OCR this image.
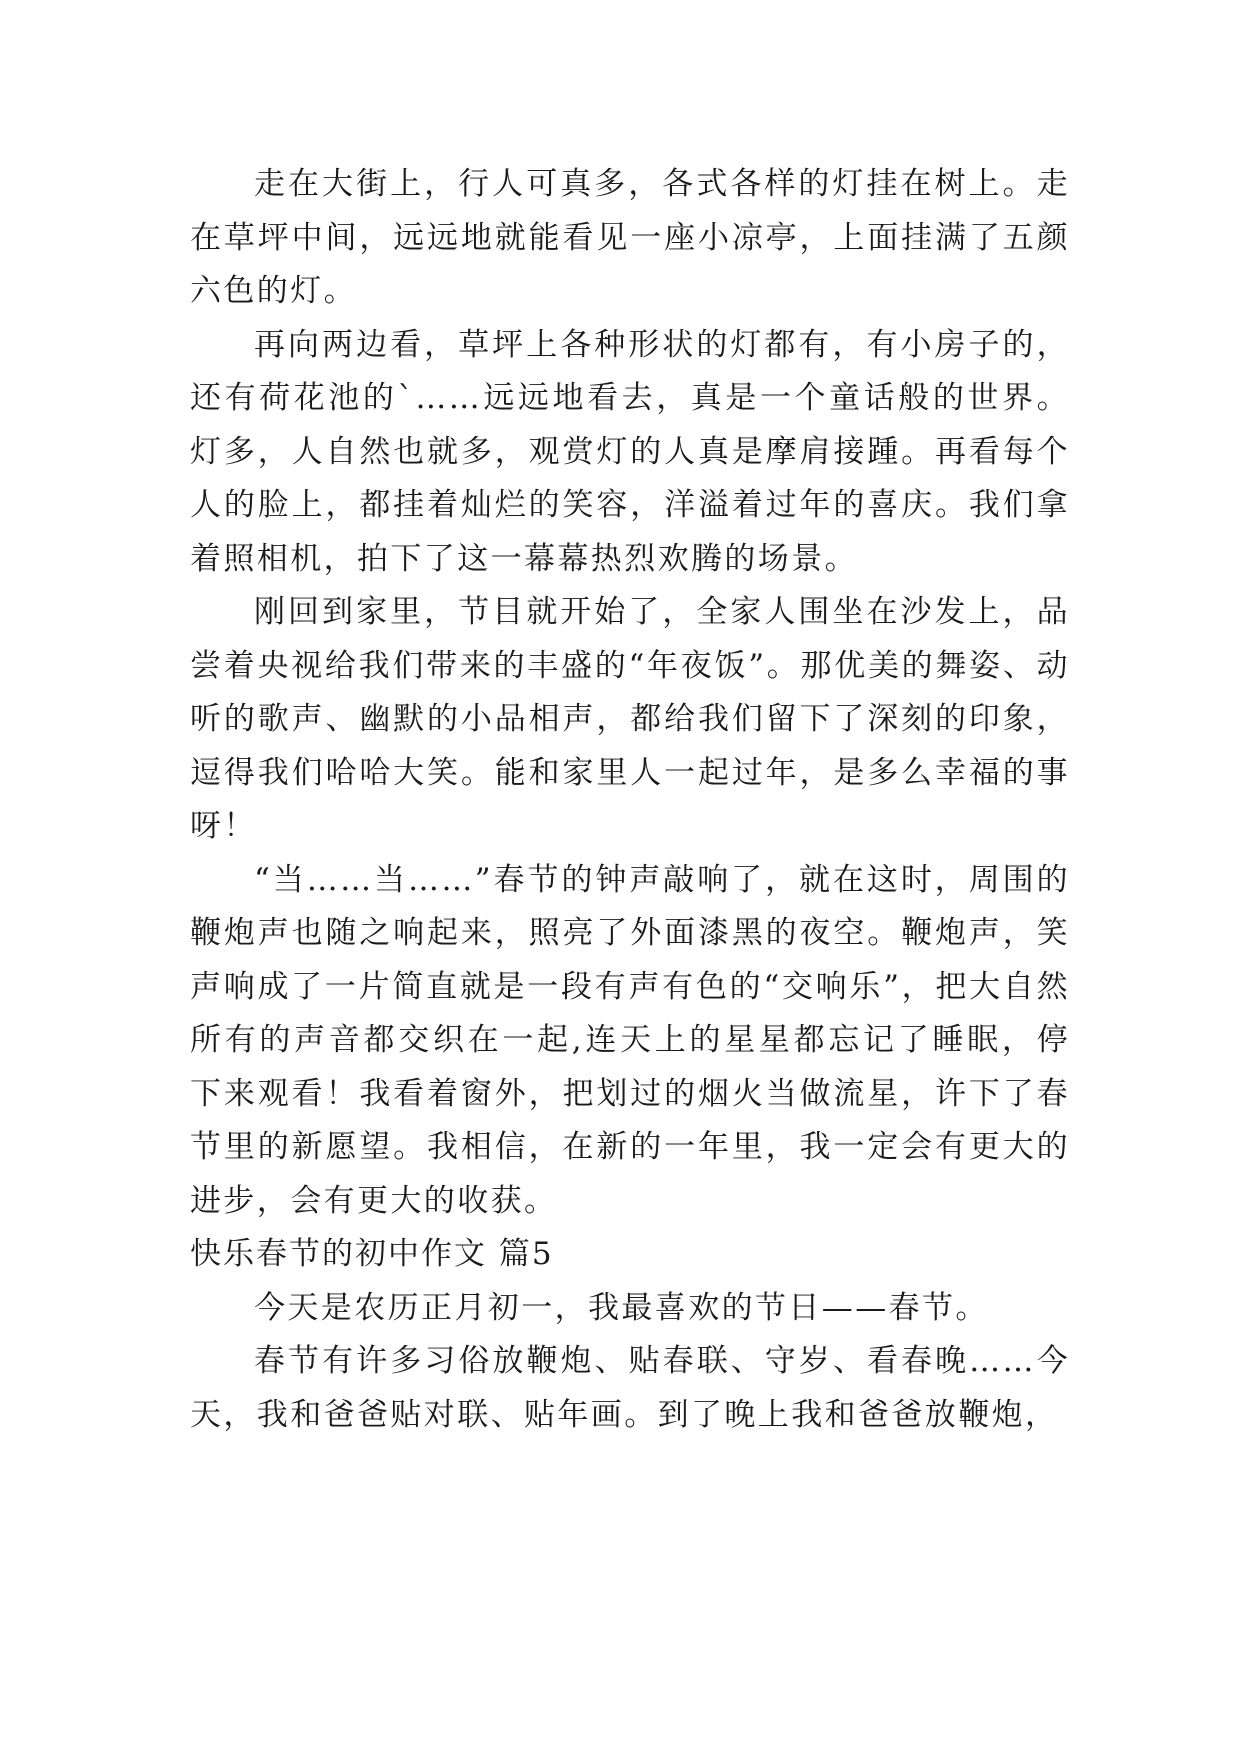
走在大街上，行人可真多，各式各样的灯挂在树上。走在草坪中间，远远地就能看见一座小凉亭，上面挂满了五颜六色的灯。

再向两边看，草坪上各种形状的灯都有，有小房子的，还有荷花池的`……远远地看去，真是一个童话般的世界。灯多，人自然也就多，观赏灯的人真是摩肩接踵。再看每个人的脸上，都挂着灿烂的笑容，洋溢着过年的喜庆。我们拿着照相机，拍下了这一幕幕热烈欢腾的场景。

刚回到家里，节目就开始了，全家人围坐在沙发上，品尝着央视给我们带来的丰盛的“年夜饭”。那优美的舞姿、动听的歌声、幽默的小品相声，都给我们留下了深刻的印象，逗得我们哈哈大笑。能和家里人一起过年，是多么幸福的事呀！

“当……当……”春节的钟声敲响了，就在这时，周围的鞭炮声也随之响起来，照亮了外面漆黑的夜空。鞭炮声，笑声响成了一片简直就是一段有声有色的“交响乐”，把大自然所有的声音都交织在一起,连天上的星星都忘记了睡眠，停下来观看！我看着窗外，把划过的烟火当做流星，许下了春节里的新愿望。我相信，在新的一年里，我一定会有更大的进步，会有更大的收获。

快乐春节的初中作文 篇5

今天是农历正月初一，我最喜欢的节日——春节。

春节有许多习俗放鞭炮、贴春联、守岁、看春晚……今天，我和爸爸贴对联、贴年画。到了晚上我和爸爸放鞭炮，
